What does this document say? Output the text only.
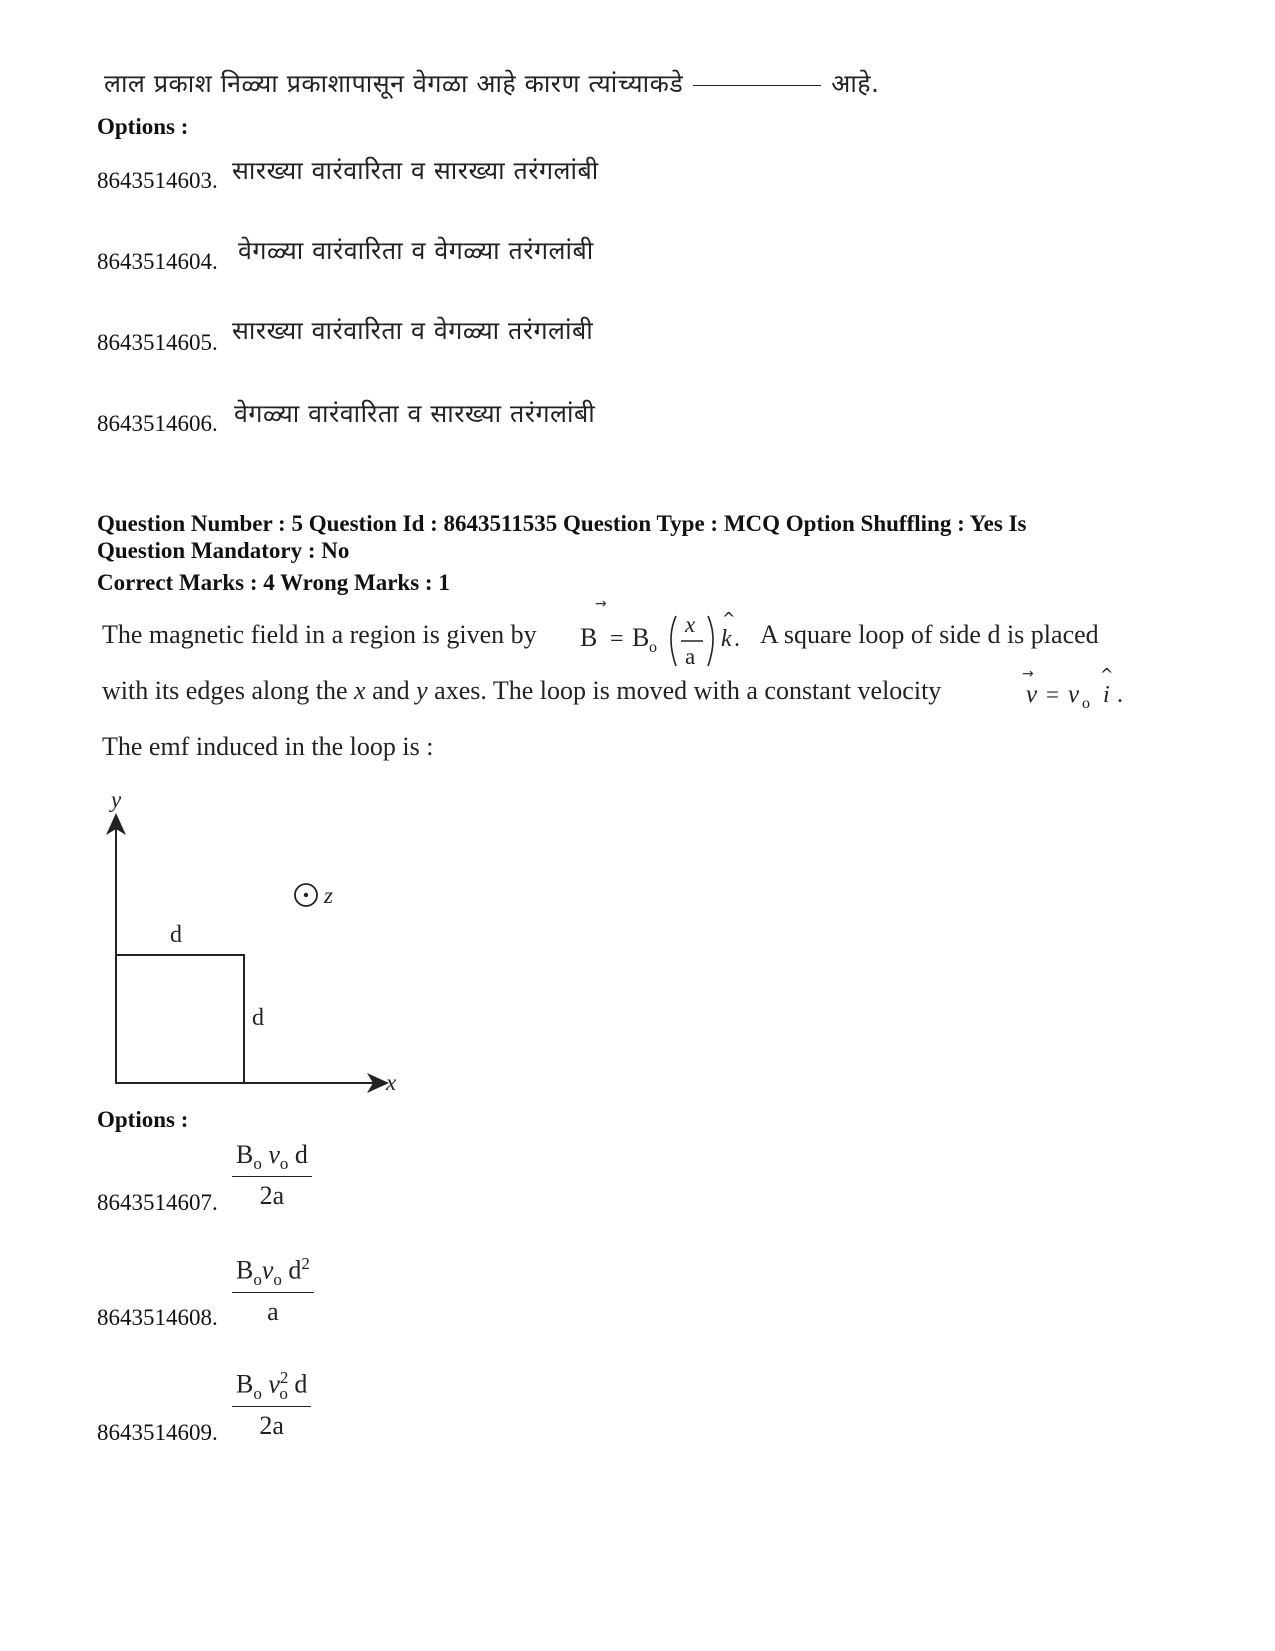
लाल प्रकाश निळ्या प्रकाशापासून वेगळा आहे कारण त्यांच्याकडे	आहे.
Options :
8643514603. सारख्या वारंवारिता व सारख्या तरंगलांबी
8643514604. वेगळ्या वारंवारिता व वेगळ्या तरंगलांबी
8643514605. सारख्या वारंवारिता व वेगळ्या तरंगलांबी
8643514606. वेगळ्या वारंवारिता व सारख्या तरंगलांबी
Question Number : 5 Question Id : 8643511535 Question Type : MCQ Option Shuffling : Yes Is
Question Mandatory : No
Correct Marks : 4 Wrong Marks : 1
The magnetic field in a region is given by
→
B = B o
x
a
^
k . A square loop of side d is placed
with its edges along the x and y axes. The loop is moved with a constant velocity
→
v = v o
^
i .
The emf induced in the loop is :
y
x
z
d
d
Options :
8643514607. $\frac{B_o v_o d}{2a}$
8643514608.
$B_ov_o$ $d^2$
a
8643514609. $\frac{B_o v^2_o d}{2a}$
